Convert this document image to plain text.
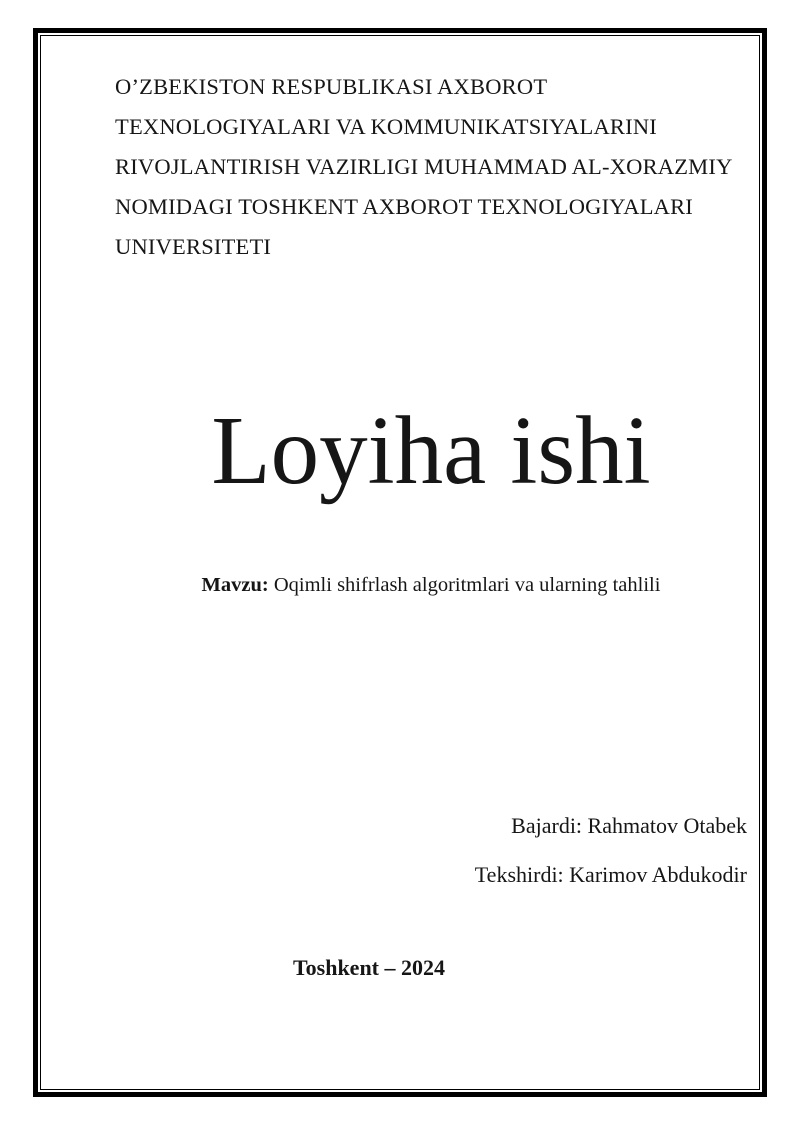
O’ZBEKISTON RESPUBLIKASI AXBOROT
TEXNOLOGIYALARI VA KOMMUNIKATSIYALARINI
RIVOJLANTIRISH VAZIRLIGI MUHAMMAD AL-XORAZMIY
NOMIDAGI TOSHKENT AXBOROT TEXNOLOGIYALARI
UNIVERSITETI
Loyiha ishi

Mavzu: Oqimli shifrlash algoritmlari va ularning tahlili

Bajardi: Rahmatov Otabek
Tekshirdi: Karimov Abdukodir

Toshkent – 2024
